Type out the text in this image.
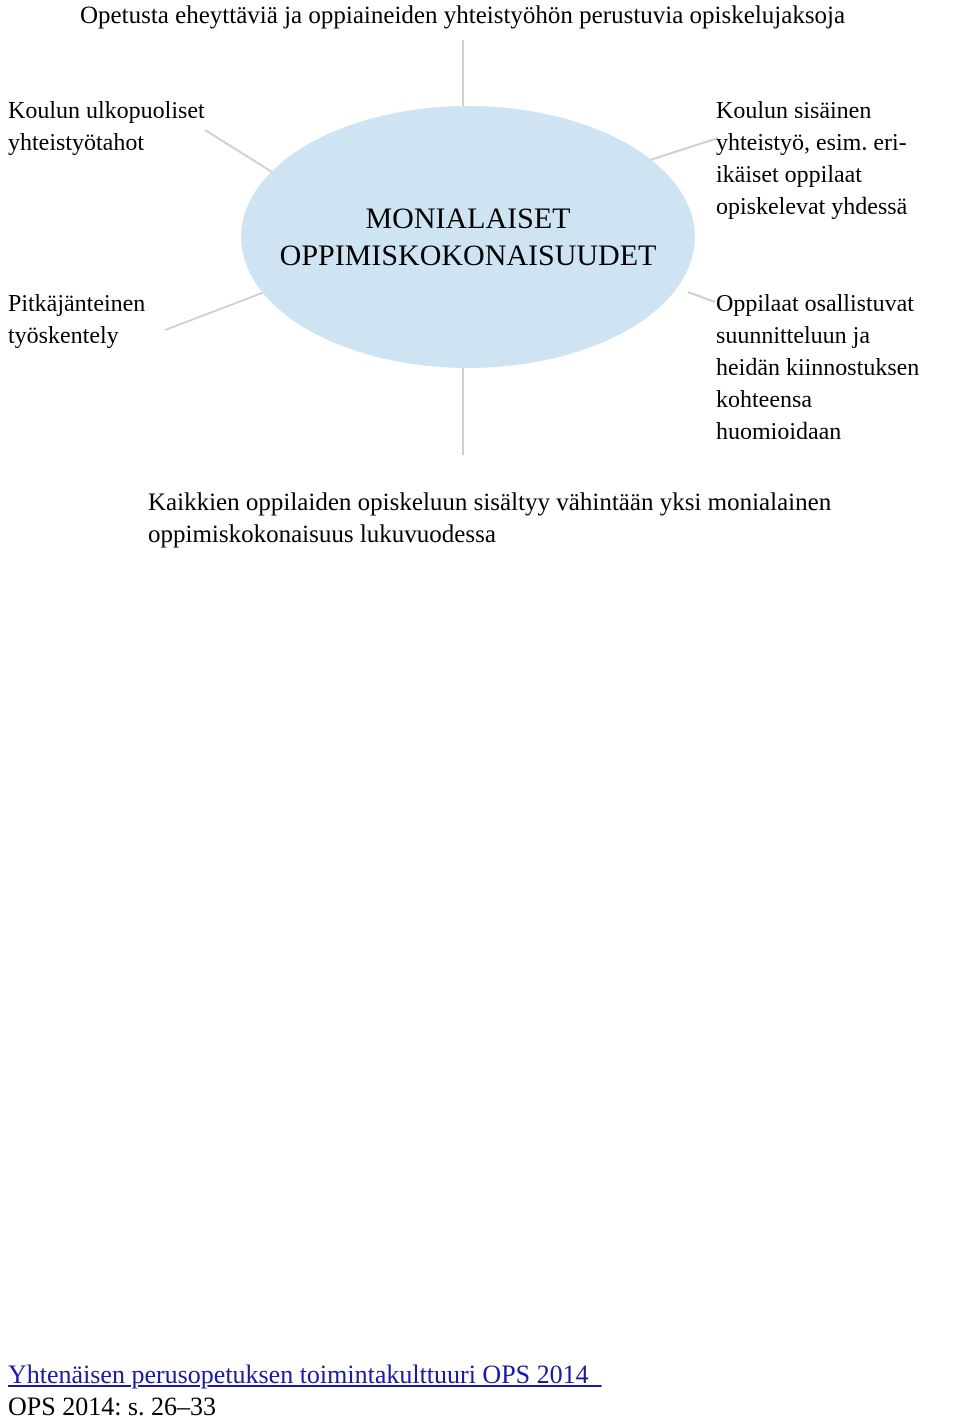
Opetusta eheyttäviä ja oppiaineiden yhteistyöhön perustuvia opiskelujaksoja
MONIALAISET
OPPIMISKOKONAISUUDET
Koulun ulkopuoliset
yhteistyötahot
Pitkäjänteinen
työskentely
Koulun sisäinen
yhteistyö, esim. eri-
ikäiset oppilaat
opiskelevat yhdessä
Oppilaat osallistuvat
suunnitteluun ja
heidän kiinnostuksen
kohteensa
huomioidaan
Kaikkien oppilaiden opiskeluun sisältyy vähintään yksi monialainen
oppimiskokonaisuus lukuvuodessa
Yhtenäisen perusopetuksen toimintakulttuuri OPS 2014
OPS 2014: s. 26–33
